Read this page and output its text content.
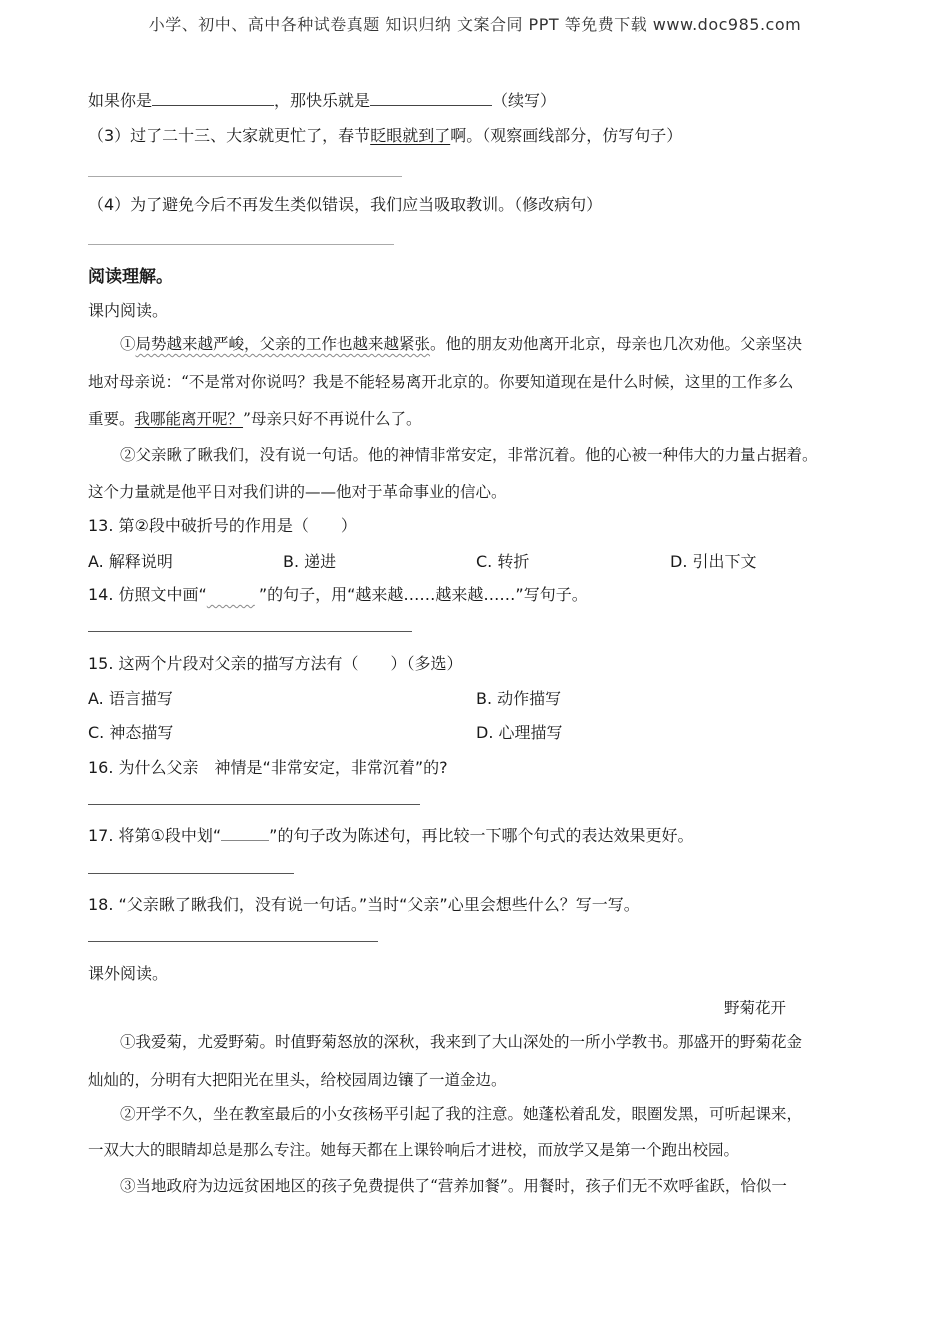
小学、初中、高中各种试卷真题 知识归纳 文案合同 PPT 等免费下载 www.doc985.com
如果你是	，那快乐就是	（续写）
（3）过了二十三、大家就更忙了，春节眨眼就到了啊。（观察画线部分，仿写句子）
（4）为了避免今后不再发生类似错误，我们应当吸取教训。（修改病句）
阅读理解。
课内阅读。
①局势越来越严峻，父亲的工作也越来越紧张。他的朋友劝他离开北京，母亲也几次劝他。父亲坚决
地对母亲说：“不是常对你说吗？我是不能轻易离开北京的。你要知道现在是什么时候，这里的工作多么
重要。我哪能离开呢？”母亲只好不再说什么了。
②父亲瞅了瞅我们，没有说一句话。他的神情非常安定，非常沉着。他的心被一种伟大的力量占据着。
这个力量就是他平日对我们讲的——他对于革命事业的信心。
13. 第②段中破折号的作用是（　　）
A. 解释说明	B. 递进	C. 转折	D. 引出下文
14. 仿照文中画“　　　	”的句子，用“越来越……越来越……”写句子。
15. 这两个片段对父亲的描写方法有（　　）（多选）
A. 语言描写	B. 动作描写
C. 神态描写	D. 心理描写
16. 为什么父亲　神情是“非常安定，非常沉着”的?
17. 将第①段中划“	”的句子改为陈述句，再比较一下哪个句式的表达效果更好。
18. “父亲瞅了瞅我们，没有说一句话。”当时“父亲”心里会想些什么？写一写。
课外阅读。
野菊花开
①我爱菊，尤爱野菊。时值野菊怒放的深秋，我来到了大山深处的一所小学教书。那盛开的野菊花金
灿灿的，分明有大把阳光在里头，给校园周边镶了一道金边。
②开学不久，坐在教室最后的小女孩杨平引起了我的注意。她蓬松着乱发，眼圈发黑，可听起课来，
一双大大的眼睛却总是那么专注。她每天都在上课铃响后才进校，而放学又是第一个跑出校园。
③当地政府为边远贫困地区的孩子免费提供了“营养加餐”。用餐时，孩子们无不欢呼雀跃，恰似一
